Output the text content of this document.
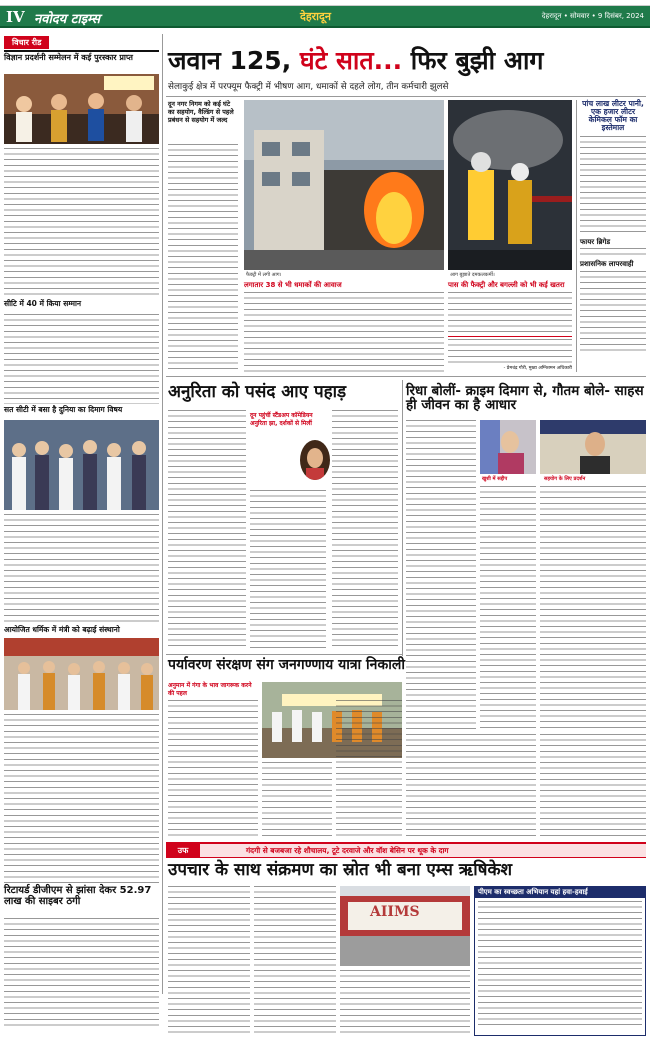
IV नवोदय टाइम्स	देहरादून	देहरादून • सोमवार • 9 दिसंबर, 2024
विचार रीड
विज्ञान प्रदर्शनी सम्मेलन में कई पुरस्कार प्राप्त
सीटि में 40 में किया सम्मान
सत सीटी में बसा है दुनिया का दिमाग विषय
आयोजित धर्मिक में मंत्री को बढ़ाई संस्थानो
रिटायर्ड डीजीएम से झांसा देकर 52.97 लाख की साइबर ठगी
जवान 125, घंटे सात... फिर बुझी आग
सेलाकुई क्षेत्र में परफ्यूम फैक्ट्री में भीषण आग, धमाकों से दहले लोग, तीन कर्मचारी झुलसे
दून नगर निगम को कई घंटे का सहयोग, वैल्डिंग से पहले प्रबंधन से सहयोग में जल्द
फैक्ट्री में लगी आग।	आग बुझाते दमकलकर्मी।
पांच लाख लीटर पानी, एक हजार लीटर केमिकल फॉम का इस्तेमाल
फायर ब्रिगेड
प्रशासनिक लापरवाही
लगातार 38 से भी धमाकों की आवाज	पास की फैक्ट्री और बगल्ली को भी कई खतरा
- प्रेमचंद्र गौरी, मुख्य अग्निशमन अधिकारी
अनुरिता को पसंद आए पहाड़
दून पहुंचीं स्टैंडअप कॉमेडियन अनुरिता झा, दर्शकों से मिलीं
रिधा बोलीं- क्राइम दिमाग से, गौतम बोले- साहस ही जीवन का है आधार
खुशी में सद्दीप	सहयोग के लिए प्रदर्शन
पर्यावरण संरक्षण संग जनगण्णाय यात्रा निकाली
अनुमान में गंगा के भाव जागरूक करने की पहल
उफ	गंदगी से बजबजा रहे शौचालय, टूटे दरवाजे और वॉश बेसिन पर थूक के दाग
उपचार के साथ संक्रमण का स्रोत भी बना एम्स ऋषिकेश
AIIMS
पीएम का स्वच्छता अभियान यहां हवा-हवाई
